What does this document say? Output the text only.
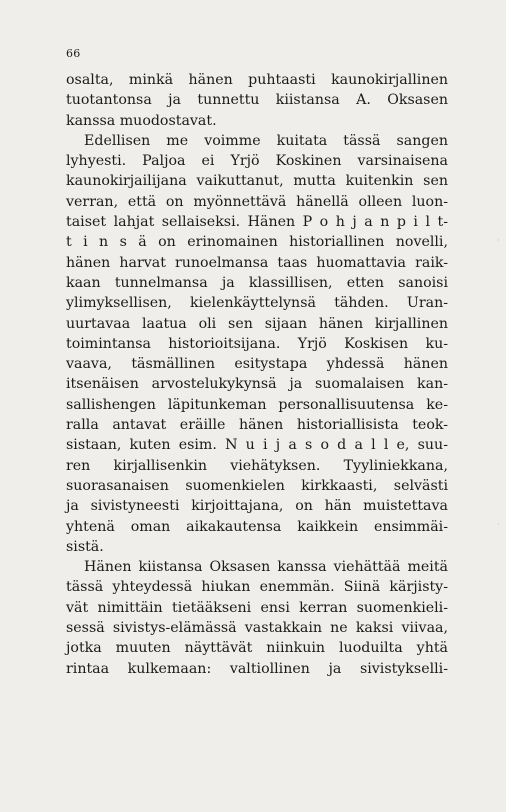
66
osalta, minkä hänen puhtaasti kaunokirjallinen
tuotantonsa ja tunnettu kiistansa A. Oksasen
kanssa muodostavat.
Edellisen me voimme kuitata tässä sangen
lyhyesti. Paljoa ei Yrjö Koskinen varsinaisena
kaunokirjailijana vaikuttanut, mutta kuitenkin sen
verran, että on myönnettävä hänellä olleen luon-
taiset lahjat sellaiseksi. Hänen P o h j a n p i l t-
t i n s ä on erinomainen historiallinen novelli,
hänen harvat runoelmansa taas huomattavia raik-
kaan tunnelmansa ja klassillisen, etten sanoisi
ylimyksellisen, kielenkäyttelynsä tähden. Uran-
uurtavaa laatua oli sen sijaan hänen kirjallinen
toimintansa historioitsijana. Yrjö Koskisen ku-
vaava, täsmällinen esitystapa yhdessä hänen
itsenäisen arvostelukykynsä ja suomalaisen kan-
sallishengen läpitunkeman personallisuutensa ke-
ralla antavat eräille hänen historiallisista teok-
sistaan, kuten esim. N u i j a s o d a l l e, suu-
ren kirjallisenkin viehätyksen. Tyyliniekkana,
suorasanaisen suomenkielen kirkkaasti, selvästi
ja sivistyneesti kirjoittajana, on hän muistettava
yhtenä oman aikakautensa kaikkein ensimmäi-
sistä.
Hänen kiistansa Oksasen kanssa viehättää meitä
tässä yhteydessä hiukan enemmän. Siinä kärjisty-
vät nimittäin tietääkseni ensi kerran suomenkieli-
sessä sivistys-elämässä vastakkain ne kaksi viivaa,
jotka muuten näyttävät niinkuin luoduilta yhtä
rintaa kulkemaan: valtiollinen ja sivistykselli-
·
·
